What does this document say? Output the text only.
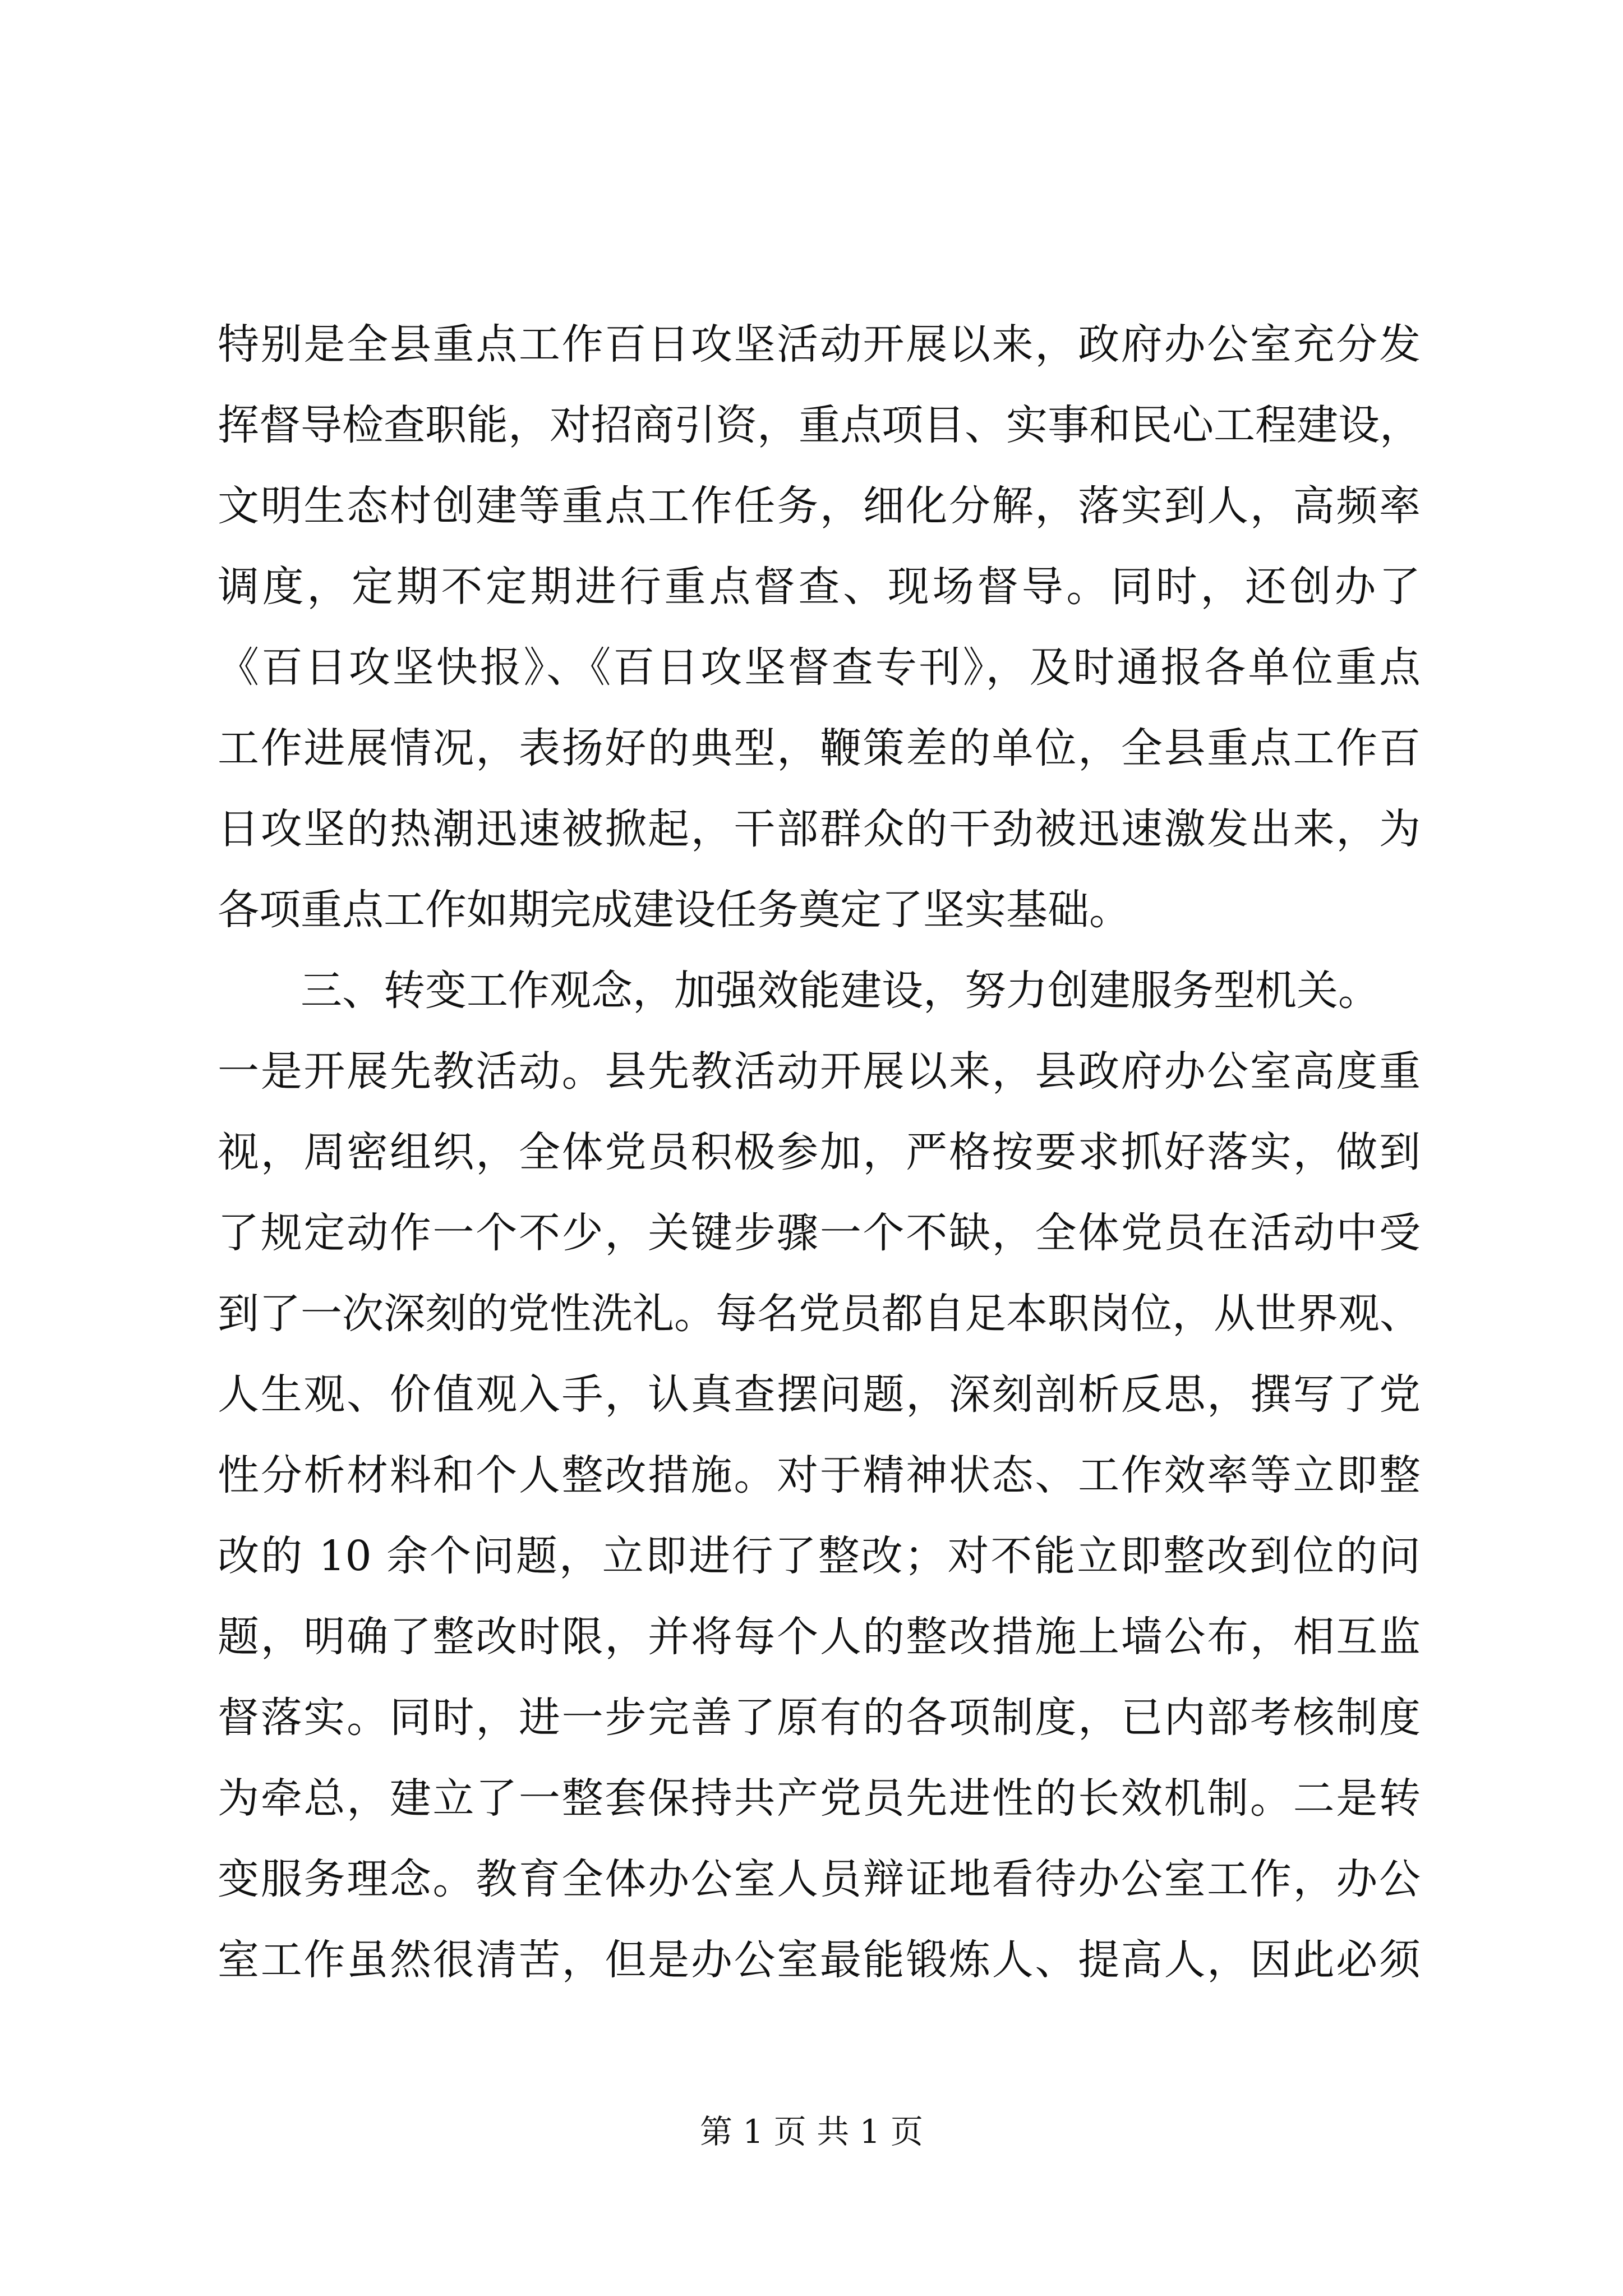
特别是全县重点工作百日攻坚活动开展以来，政府办公室充分发
挥督导检查职能，对招商引资，重点项目、实事和民心工程建设，
文明生态村创建等重点工作任务，细化分解，落实到人，高频率
调度，定期不定期进行重点督查、现场督导。同时，还创办了
《百日攻坚快报》、《百日攻坚督查专刊》，及时通报各单位重点
工作进展情况，表扬好的典型，鞭策差的单位，全县重点工作百
日攻坚的热潮迅速被掀起，干部群众的干劲被迅速激发出来，为
各项重点工作如期完成建设任务奠定了坚实基础。
三、转变工作观念，加强效能建设，努力创建服务型机关。
一是开展先教活动。县先教活动开展以来，县政府办公室高度重
视，周密组织，全体党员积极参加，严格按要求抓好落实，做到
了规定动作一个不少，关键步骤一个不缺，全体党员在活动中受
到了一次深刻的党性洗礼。每名党员都自足本职岗位，从世界观、
人生观、价值观入手，认真查摆问题，深刻剖析反思，撰写了党
性分析材料和个人整改措施。对于精神状态、工作效率等立即整
改的 10 余个问题，立即进行了整改；对不能立即整改到位的问
题，明确了整改时限，并将每个人的整改措施上墙公布，相互监
督落实。同时，进一步完善了原有的各项制度，已内部考核制度
为牵总，建立了一整套保持共产党员先进性的长效机制。二是转
变服务理念。教育全体办公室人员辩证地看待办公室工作，办公
室工作虽然很清苦，但是办公室最能锻炼人、提高人，因此必须
第 1 页 共 1 页
